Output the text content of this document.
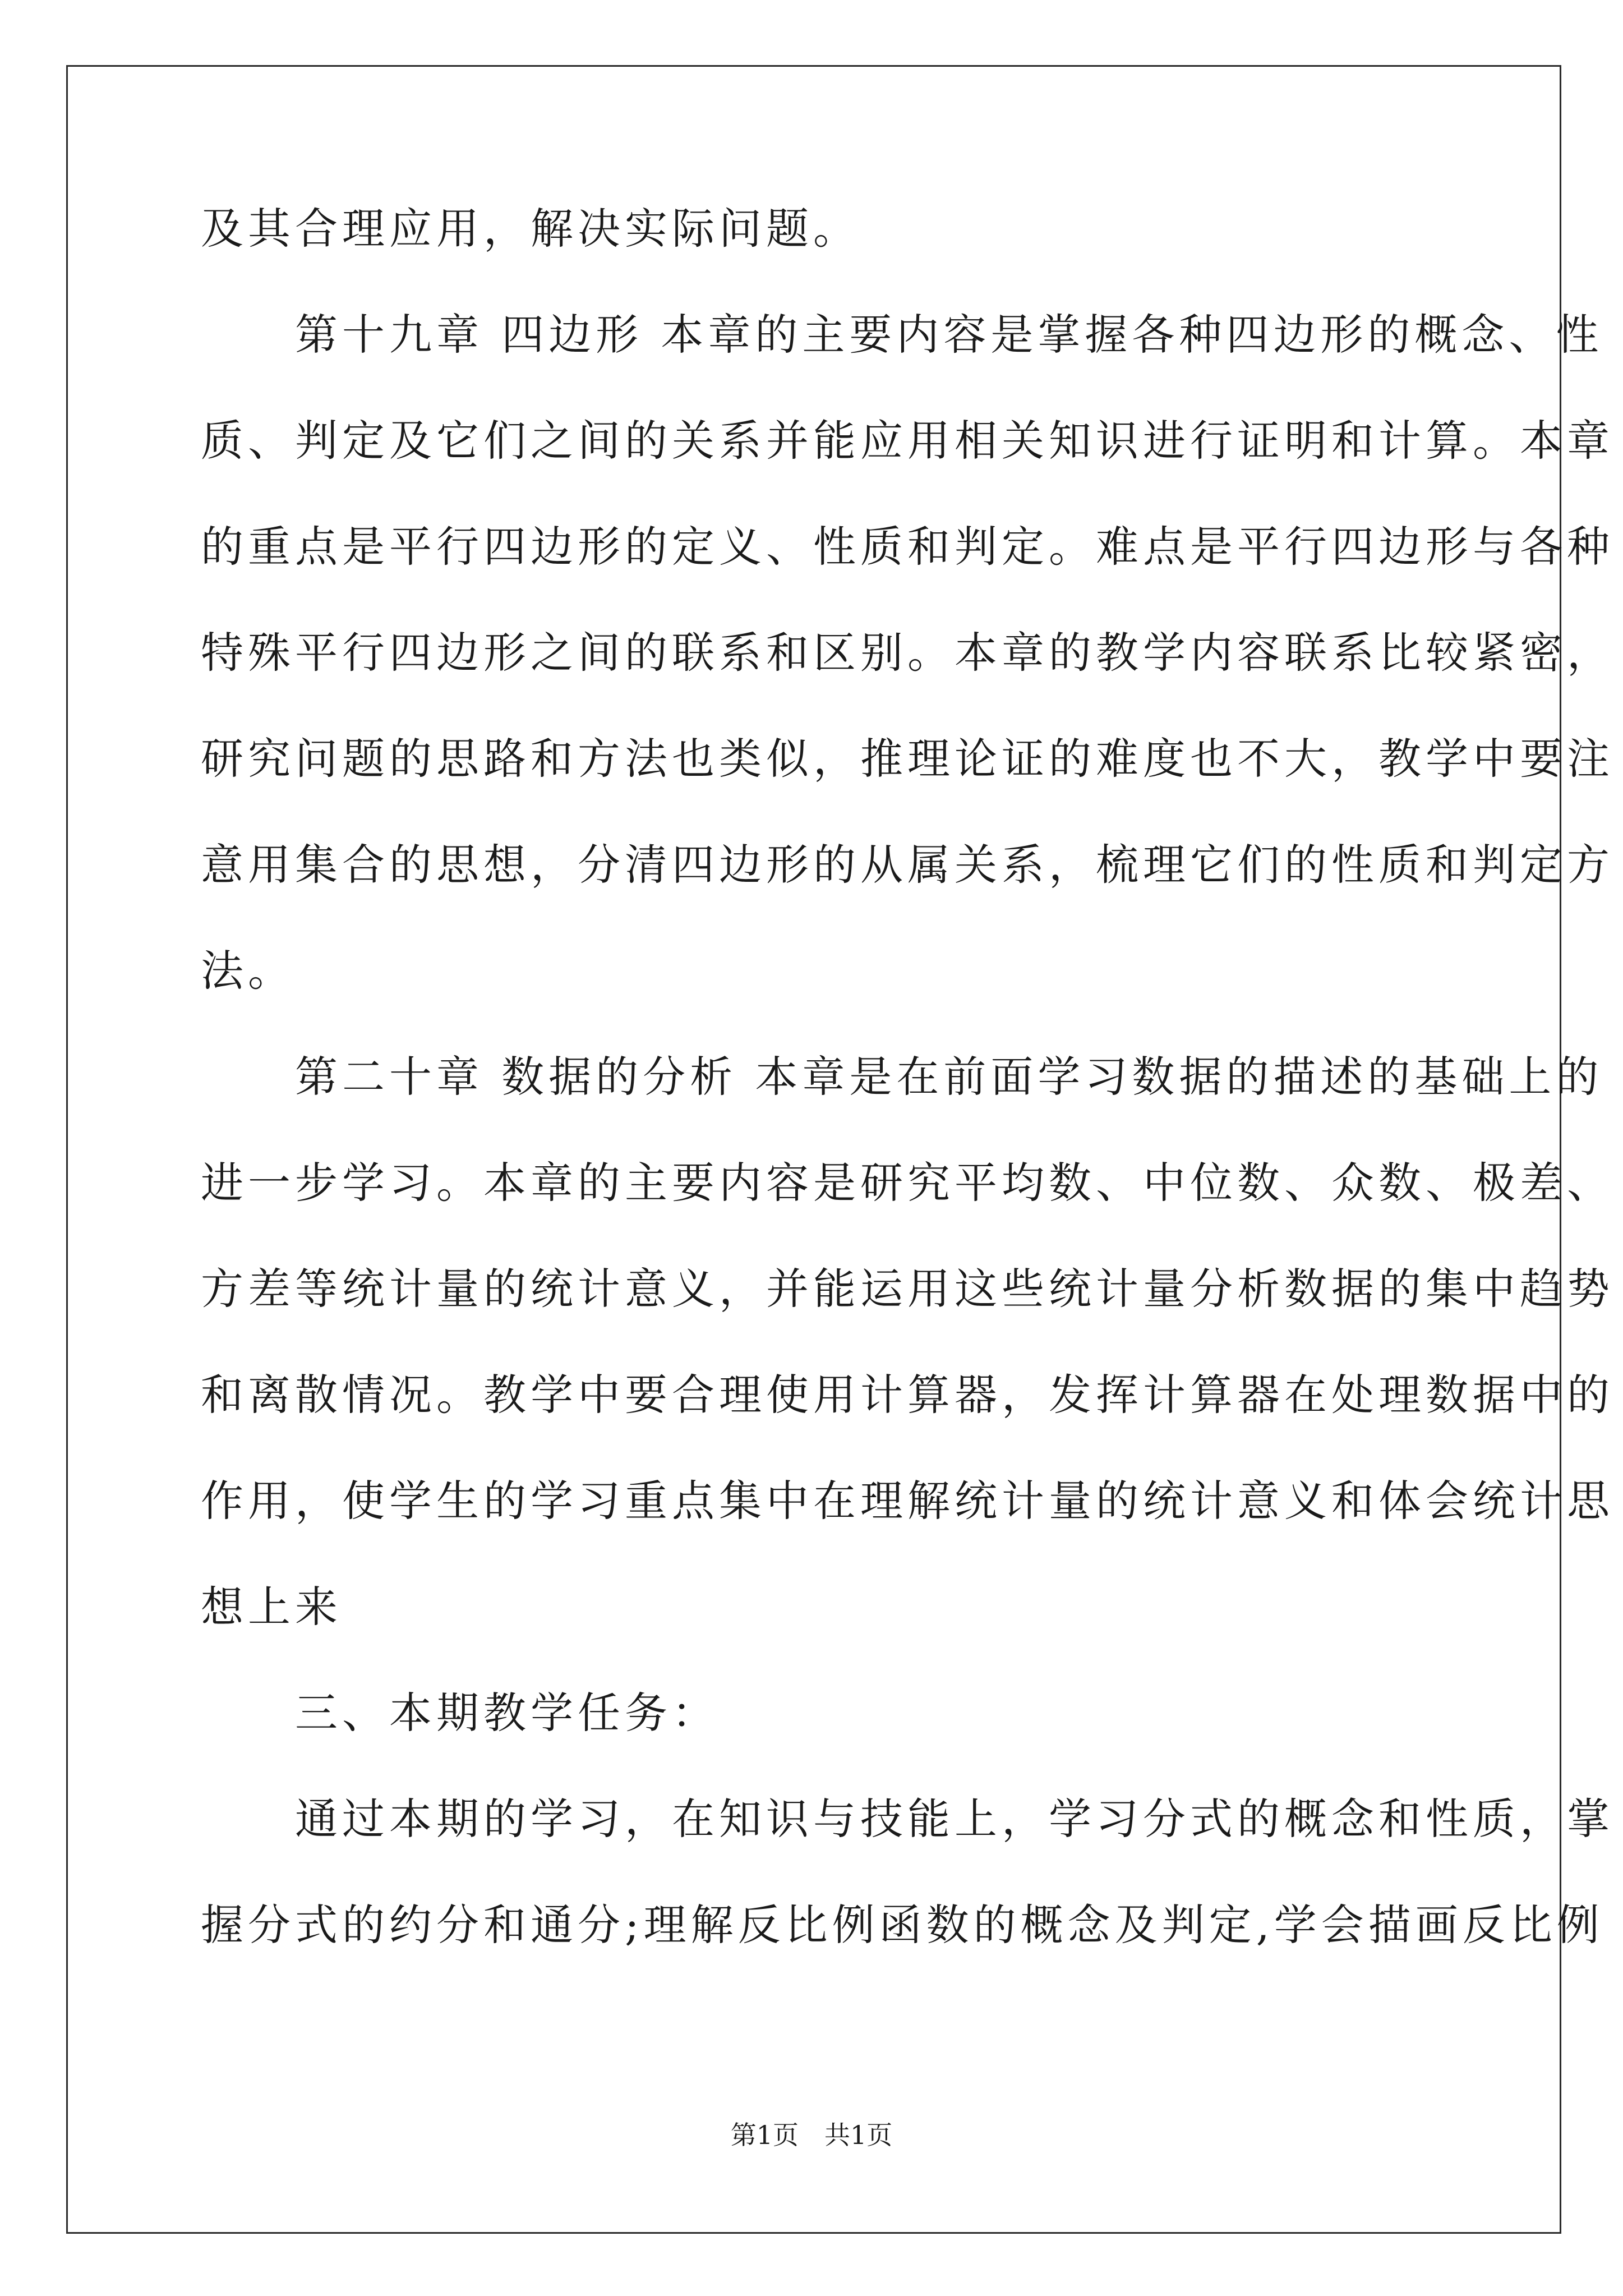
及其合理应用，解决实际问题。
　　第十九章 四边形 本章的主要内容是掌握各种四边形的概念、性
质、判定及它们之间的关系并能应用相关知识进行证明和计算。本章
的重点是平行四边形的定义、性质和判定。难点是平行四边形与各种
特殊平行四边形之间的联系和区别。本章的教学内容联系比较紧密，
研究问题的思路和方法也类似，推理论证的难度也不大，教学中要注
意用集合的思想，分清四边形的从属关系，梳理它们的性质和判定方
法。
　　第二十章 数据的分析 本章是在前面学习数据的描述的基础上的
进一步学习。本章的主要内容是研究平均数、中位数、众数、极差、
方差等统计量的统计意义，并能运用这些统计量分析数据的集中趋势
和离散情况。教学中要合理使用计算器，发挥计算器在处理数据中的
作用，使学生的学习重点集中在理解统计量的统计意义和体会统计思
想上来
　　三、本期教学任务：
　　通过本期的学习，在知识与技能上，学习分式的概念和性质，掌
握分式的约分和通分;理解反比例函数的概念及判定,学会描画反比例
第1页　共1页
